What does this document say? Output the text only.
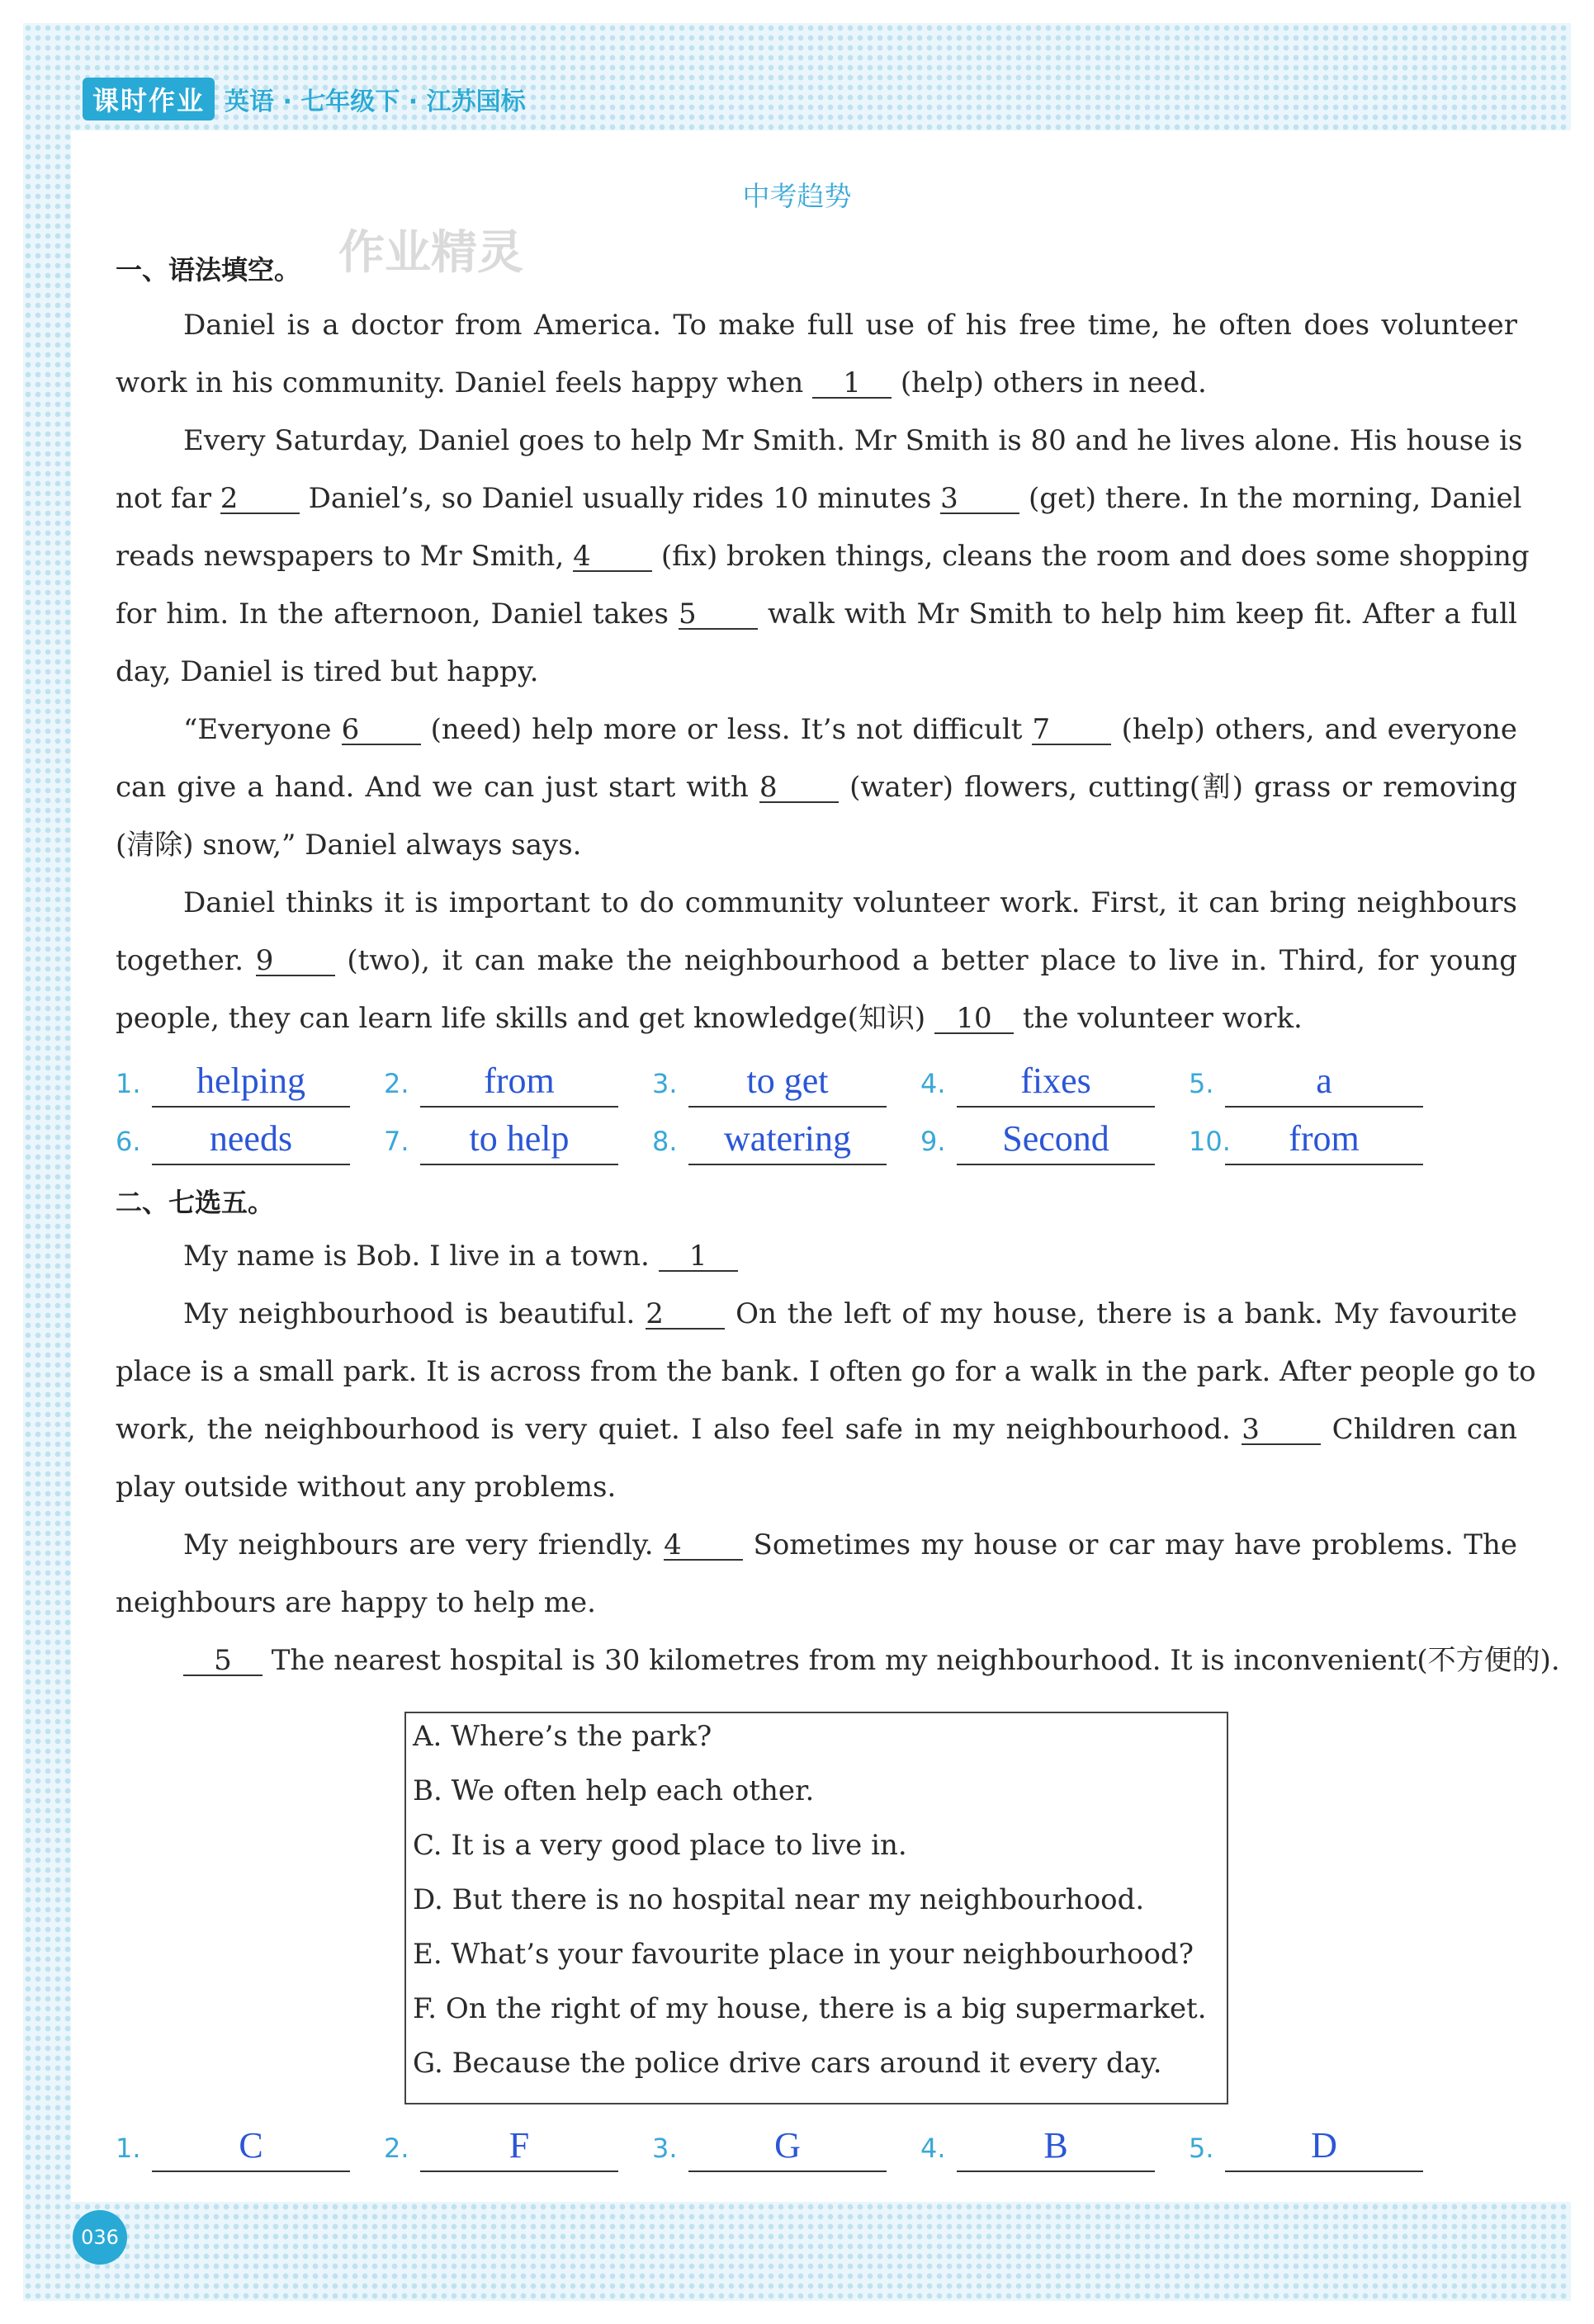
课时作业 英语 · 七年级下 · 江苏国标
中考趋势
一、语法填空。 作业精灵
Daniel is a doctor from America. To make full use of his free time, he often does volunteer
work in his community. Daniel feels happy when 1 (help) others in need.
Every Saturday, Daniel goes to help Mr Smith. Mr Smith is 80 and he lives alone. His house is
not far 2 Daniel’s, so Daniel usually rides 10 minutes 3 (get) there. In the morning, Daniel
reads newspapers to Mr Smith, 4 (fix) broken things, cleans the room and does some shopping
for him. In the afternoon, Daniel takes 5 walk with Mr Smith to help him keep fit. After a full
day, Daniel is tired but happy.
“Everyone 6 (need) help more or less. It’s not difficult 7 (help) others, and everyone
can give a hand. And we can just start with 8 (water) flowers, cutting(割) grass or removing
(清除) snow,” Daniel always says.
Daniel thinks it is important to do community volunteer work. First, it can bring neighbours
together. 9 (two), it can make the neighbourhood a better place to live in. Third, for young
people, they can learn life skills and get knowledge(知识) 10 the volunteer work.
1.	helping	2.	from	3.	to get	4.	fixes	5.	a
6.	needs	7.	to help	8.	watering	9.	Second	10.	from
二、七选五。
My name is Bob. I live in a town. 1
My neighbourhood is beautiful. 2 On the left of my house, there is a bank. My favourite
place is a small park. It is across from the bank. I often go for a walk in the park. After people go to
work, the neighbourhood is very quiet. I also feel safe in my neighbourhood. 3 Children can
play outside without any problems.
My neighbours are very friendly. 4 Sometimes my house or car may have problems. The
neighbours are happy to help me.
5 The nearest hospital is 30 kilometres from my neighbourhood. It is inconvenient(不方便的).
A. Where’s the park?
B. We often help each other.
C. It is a very good place to live in.
D. But there is no hospital near my neighbourhood.
E. What’s your favourite place in your neighbourhood?
F. On the right of my house, there is a big supermarket.
G. Because the police drive cars around it every day.
1.	C	2.	F	3.	G	4.	B	5.	D
036
